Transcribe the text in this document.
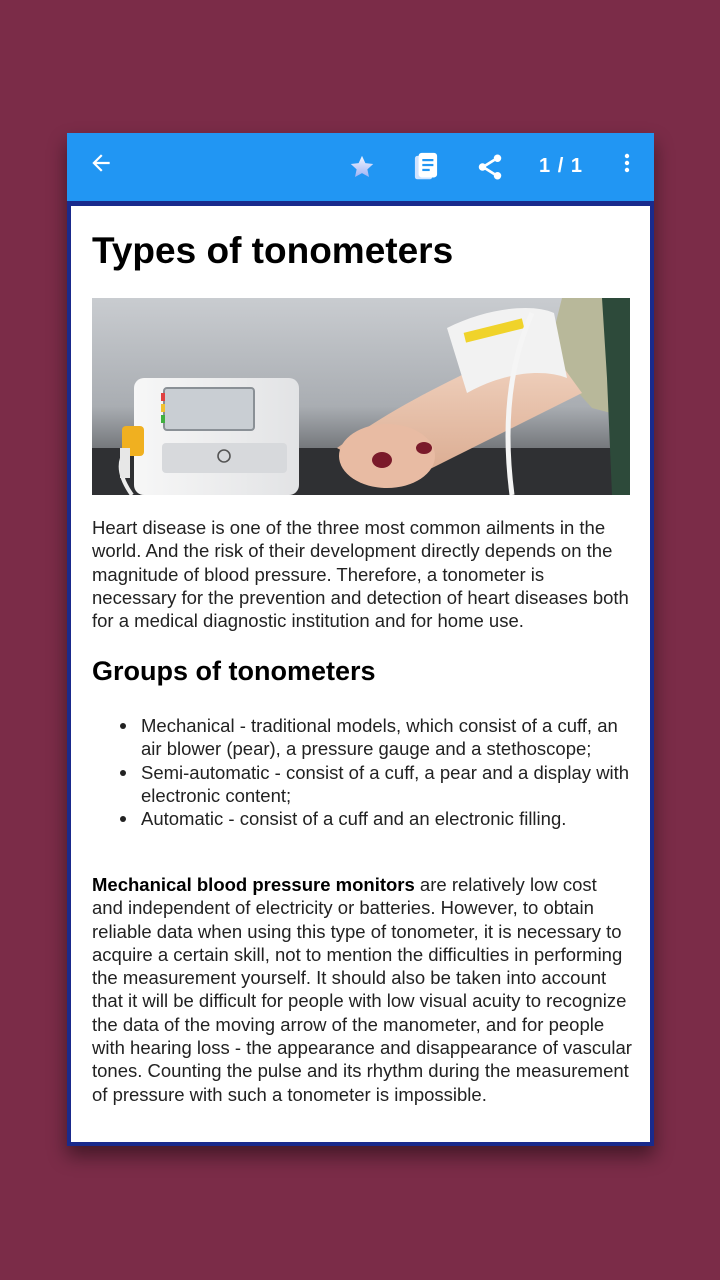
1 / 1
Types of tonometers

Heart disease is one of the three most common ailments in the world. And the risk of their development directly depends on the magnitude of blood pressure. Therefore, a tonometer is necessary for the prevention and detection of heart diseases both for a medical diagnostic institution and for home use.

Groups of tonometers
Mechanical - traditional models, which consist of a cuff, an air blower (pear), a pressure gauge and a stethoscope;
Semi-automatic - consist of a cuff, a pear and a display with electronic content;
Automatic - consist of a cuff and an electronic filling.

Mechanical blood pressure monitors are relatively low cost and independent of electricity or batteries. However, to obtain reliable data when using this type of tonometer, it is necessary to acquire a certain skill, not to mention the difficulties in performing the measurement yourself. It should also be taken into account that it will be difficult for people with low visual acuity to recognize the data of the moving arrow of the manometer, and for people with hearing loss - the appearance and disappearance of vascular tones. Counting the pulse and its rhythm during the measurement of pressure with such a tonometer is impossible.
